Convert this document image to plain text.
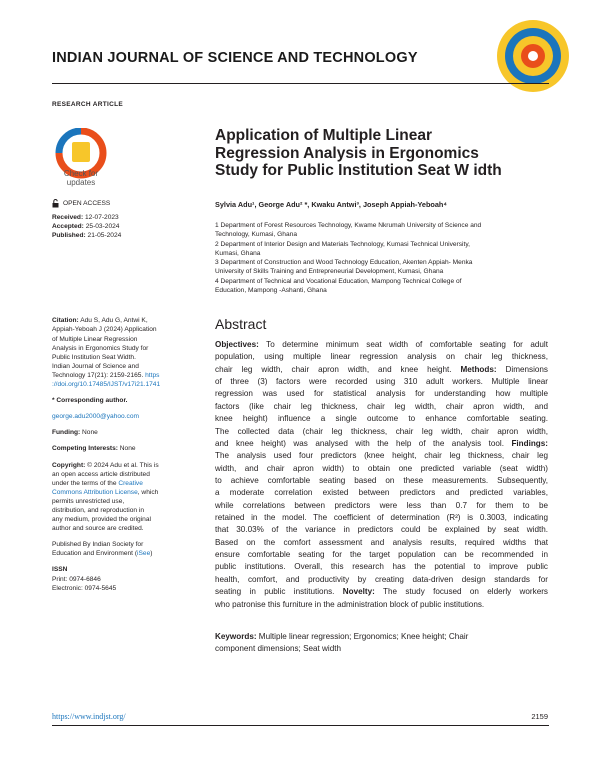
INDIAN JOURNAL OF SCIENCE AND TECHNOLOGY
RESEARCH ARTICLE
Check for
updates
Application of Multiple Linear
Regression Analysis in Ergonomics
Study for Public Institution Seat W idth
OPEN ACCESS
Received: 12-07-2023
Accepted: 25-03-2024
Published: 21-05-2024
Citation: Adu S, Adu G, Antwi K,
Appiah-Yeboah J (2024) Application
of Multiple Linear Regression
Analysis in Ergonomics Study for
Public Institution Seat Width.
Indian Journal of Science and
Technology 17(21): 2159-2165. https
://doi.org/10.17485/IJST/v17i21.1741
* Corresponding author.
george.adu2000@yahoo.com
Funding: None
Competing Interests: None
Copyright: © 2024 Adu et al. This is
an open access article distributed
under the terms of the Creative
Commons Attribution License, which
permits unrestricted use,
distribution, and reproduction in
any medium, provided the original
author and source are credited.
Published By Indian Society for
Education and Environment (iSee)
ISSN
Print: 0974-6846
Electronic: 0974-5645
Sylvia Adu¹, George Adu² *, Kwaku Antwi³, Joseph Appiah-Yeboah⁴
1 Department of Forest Resources Technology, Kwame Nkrumah University of Science and
Technology, Kumasi, Ghana
2 Department of Interior Design and Materials Technology, Kumasi Technical University,
Kumasi, Ghana
3 Department of Construction and Wood Technology Education, Akenten Appiah- Menka
University of Skills Training and Entrepreneurial Development, Kumasi, Ghana
4 Department of Technical and Vocational Education, Mampong Technical College of
Education, Mampong -Ashanti, Ghana
Abstract
Objectives: To determine minimum seat width of comfortable seating for adult
population, using multiple linear regression analysis on chair leg thickness,
chair leg width, chair apron width, and knee height. Methods: Dimensions
of three (3) factors were recorded using 310 adult workers. Multiple linear
regression was used for statistical analysis for understanding how multiple
factors (like chair leg thickness, chair leg width, chair apron width, and
knee height) influence a single outcome to enhance comfortable seating.
The collected data (chair leg thickness, chair leg width, chair apron width,
and knee height) was analysed with the help of the analysis tool. Findings:
The analysis used four predictors (knee height, chair leg thickness, chair leg
width, and chair apron width) to obtain one predicted variable (seat width)
to achieve comfortable seating based on these measurements. Subsequently,
a moderate correlation existed between predictors and predicted variables,
while correlations between predictors were less than 0.7 for them to be
retained in the model. The coefficient of determination (R²) is 0.3003, indicating
that 30.03% of the variance in predictors could be explained by seat width.
Based on the comfort assessment and analysis results, required widths that
ensure comfortable seating for the target population can be recommended in
public institutions. Overall, this research has the potential to improve public
health, comfort, and productivity by creating data-driven design standards for
seating in public institutions. Novelty: The study focused on elderly workers
who patronise this furniture in the administration block of public institutions.
Keywords: Multiple linear regression; Ergonomics; Knee height; Chair
component dimensions; Seat width
https://www.indjst.org/	2159
